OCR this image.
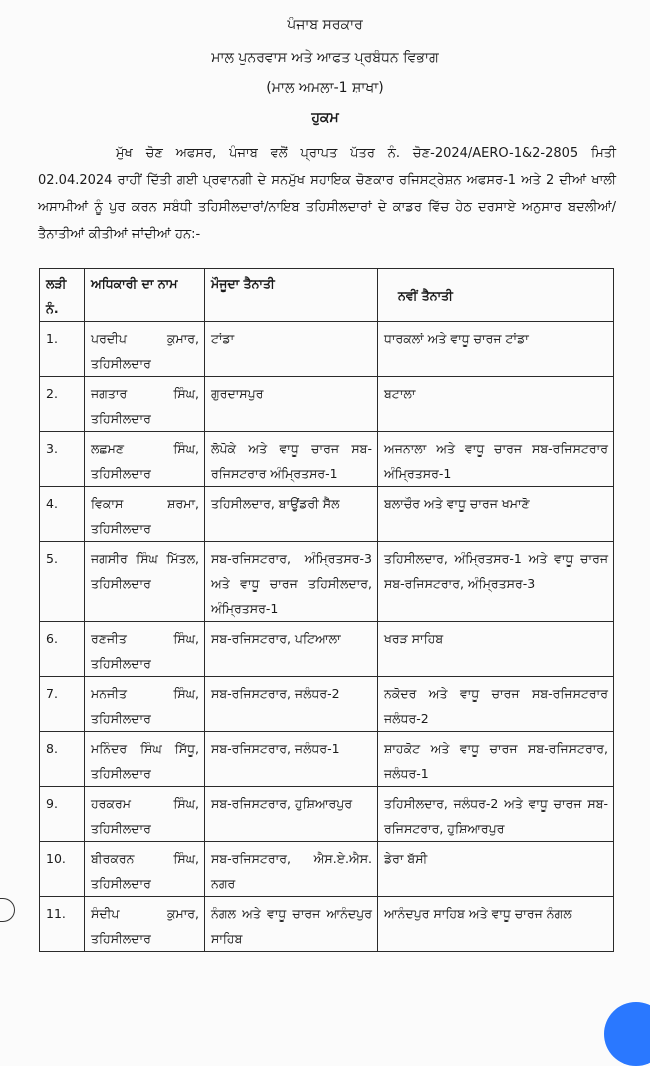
ਪੰਜਾਬ ਸਰਕਾਰ
ਮਾਲ ਪੁਨਰਵਾਸ ਅਤੇ ਆਫਤ ਪ੍ਰਬੰਧਨ ਵਿਭਾਗ
(ਮਾਲ ਅਮਲਾ-1 ਸ਼ਾਖਾ)
ਹੁਕਮ
ਮੁੱਖ ਚੋਣ ਅਫਸਰ, ਪੰਜਾਬ ਵਲੋਂ ਪ੍ਰਾਪਤ ਪੱਤਰ ਨੰ. ਚੋਣ-2024/AERO-1&2-2805 ਮਿਤੀ 02.04.2024 ਰਾਹੀਂ ਦਿੱਤੀ ਗਈ ਪ੍ਰਵਾਨਗੀ ਦੇ ਸਨਮੁੱਖ ਸਹਾਇਕ ਚੋਣਕਾਰ ਰਜਿਸਟ੍ਰੇਸ਼ਨ ਅਫਸਰ-1 ਅਤੇ 2 ਦੀਆਂ ਖਾਲੀ ਅਸਾਮੀਆਂ ਨੂੰ ਪੁਰ ਕਰਨ ਸਬੰਧੀ ਤਹਿਸੀਲਦਾਰਾਂ/ਨਾਇਬ ਤਹਿਸੀਲਦਾਰਾਂ ਦੇ ਕਾਡਰ ਵਿੱਚ ਹੇਠ ਦਰਸਾਏ ਅਨੁਸਾਰ ਬਦਲੀਆਂ/ਤੈਨਾਤੀਆਂ ਕੀਤੀਆਂ ਜਾਂਦੀਆਂ ਹਨ:-
ਲੜੀ ਨੰ.	ਅਧਿਕਾਰੀ ਦਾ ਨਾਮ	ਮੌਜੂਦਾ ਤੈਨਾਤੀ	ਨਵੀਂ ਤੈਨਾਤੀ
1.	ਪਰਦੀਪ ਕੁਮਾਰ, ਤਹਿਸੀਲਦਾਰ	ਟਾਂਡਾ	ਧਾਰਕਲਾਂ ਅਤੇ ਵਾਧੂ ਚਾਰਜ ਟਾਂਡਾ
2.	ਜਗਤਾਰ ਸਿੰਘ, ਤਹਿਸੀਲਦਾਰ	ਗੁਰਦਾਸਪੁਰ	ਬਟਾਲਾ
3.	ਲਛਮਣ ਸਿੰਘ, ਤਹਿਸੀਲਦਾਰ	ਲੋਪੋਕੇ ਅਤੇ ਵਾਧੂ ਚਾਰਜ ਸਬ-ਰਜਿਸਟਰਾਰ ਅੰਮ੍ਰਿਤਸਰ-1	ਅਜਨਾਲਾ ਅਤੇ ਵਾਧੂ ਚਾਰਜ ਸਬ-ਰਜਿਸਟਰਾਰ ਅੰਮ੍ਰਿਤਸਰ-1
4.	ਵਿਕਾਸ ਸ਼ਰਮਾ, ਤਹਿਸੀਲਦਾਰ	ਤਹਿਸੀਲਦਾਰ, ਬਾਊਂਡਰੀ ਸੈੱਲ	ਬਲਾਚੌਰ ਅਤੇ ਵਾਧੂ ਚਾਰਜ ਖਮਾਣੋ
5.	ਜਗਸੀਰ ਸਿੰਘ ਮਿੱਤਲ, ਤਹਿਸੀਲਦਾਰ	ਸਬ-ਰਜਿਸਟਰਾਰ, ਅੰਮ੍ਰਿਤਸਰ-3 ਅਤੇ ਵਾਧੂ ਚਾਰਜ ਤਹਿਸੀਲਦਾਰ, ਅੰਮ੍ਰਿਤਸਰ-1	ਤਹਿਸੀਲਦਾਰ, ਅੰਮ੍ਰਿਤਸਰ-1 ਅਤੇ ਵਾਧੂ ਚਾਰਜ ਸਬ-ਰਜਿਸਟਰਾਰ, ਅੰਮ੍ਰਿਤਸਰ-3
6.	ਰਣਜੀਤ ਸਿੰਘ, ਤਹਿਸੀਲਦਾਰ	ਸਬ-ਰਜਿਸਟਰਾਰ, ਪਟਿਆਲਾ	ਖਰੜ ਸਾਹਿਬ
7.	ਮਨਜੀਤ ਸਿੰਘ, ਤਹਿਸੀਲਦਾਰ	ਸਬ-ਰਜਿਸਟਰਾਰ, ਜਲੰਧਰ-2	ਨਕੋਦਰ ਅਤੇ ਵਾਧੂ ਚਾਰਜ ਸਬ-ਰਜਿਸਟਰਾਰ ਜਲੰਧਰ-2
8.	ਮਨਿੰਦਰ ਸਿੰਘ ਸਿੱਧੂ, ਤਹਿਸੀਲਦਾਰ	ਸਬ-ਰਜਿਸਟਰਾਰ, ਜਲੰਧਰ-1	ਸ਼ਾਹਕੋਟ ਅਤੇ ਵਾਧੂ ਚਾਰਜ ਸਬ-ਰਜਿਸਟਰਾਰ, ਜਲੰਧਰ-1
9.	ਹਰਕਰਮ ਸਿੰਘ, ਤਹਿਸੀਲਦਾਰ	ਸਬ-ਰਜਿਸਟਰਾਰ, ਹੁਸ਼ਿਆਰਪੁਰ	ਤਹਿਸੀਲਦਾਰ, ਜਲੰਧਰ-2 ਅਤੇ ਵਾਧੂ ਚਾਰਜ ਸਬ-ਰਜਿਸਟਰਾਰ, ਹੁਸ਼ਿਆਰਪੁਰ
10.	ਬੀਰਕਰਨ ਸਿੰਘ, ਤਹਿਸੀਲਦਾਰ	ਸਬ-ਰਜਿਸਟਰਾਰ, ਐਸ.ਏ.ਐਸ. ਨਗਰ	ਡੇਰਾ ਬੱਸੀ
11.	ਸੰਦੀਪ ਕੁਮਾਰ, ਤਹਿਸੀਲਦਾਰ	ਨੰਗਲ ਅਤੇ ਵਾਧੂ ਚਾਰਜ ਆਨੰਦਪੁਰ ਸਾਹਿਬ	ਆਨੰਦਪੁਰ ਸਾਹਿਬ ਅਤੇ ਵਾਧੂ ਚਾਰਜ ਨੰਗਲ
